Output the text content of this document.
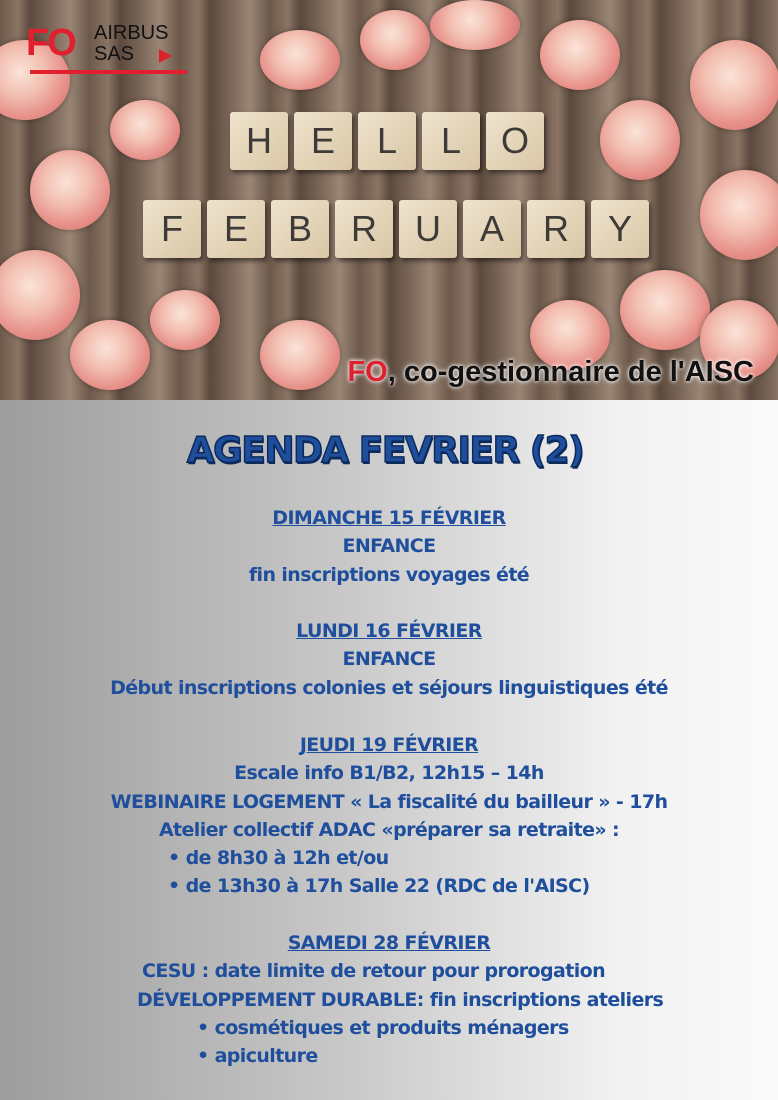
H	E	L	L	O
F	E	B	R	U	A	R	Y
FO AIRBUS
SAS
FO, co-gestionnaire de l'AISC
AGENDA FEVRIER (2)
DIMANCHE 15 FÉVRIER
ENFANCE
fin inscriptions voyages été
LUNDI 16 FÉVRIER
ENFANCE
Début inscriptions colonies et séjours linguistiques été
JEUDI 19 FÉVRIER
Escale info B1/B2, 12h15 – 14h
WEBINAIRE LOGEMENT « La fiscalité du bailleur » - 17h
Atelier collectif ADAC «préparer sa retraite» :
• de 8h30 à 12h et/ou
• de 13h30 à 17h Salle 22 (RDC de l'AISC)
SAMEDI 28 FÉVRIER
CESU : date limite de retour pour prorogation
DÉVELOPPEMENT DURABLE: fin inscriptions ateliers
• cosmétiques et produits ménagers
• apiculture
